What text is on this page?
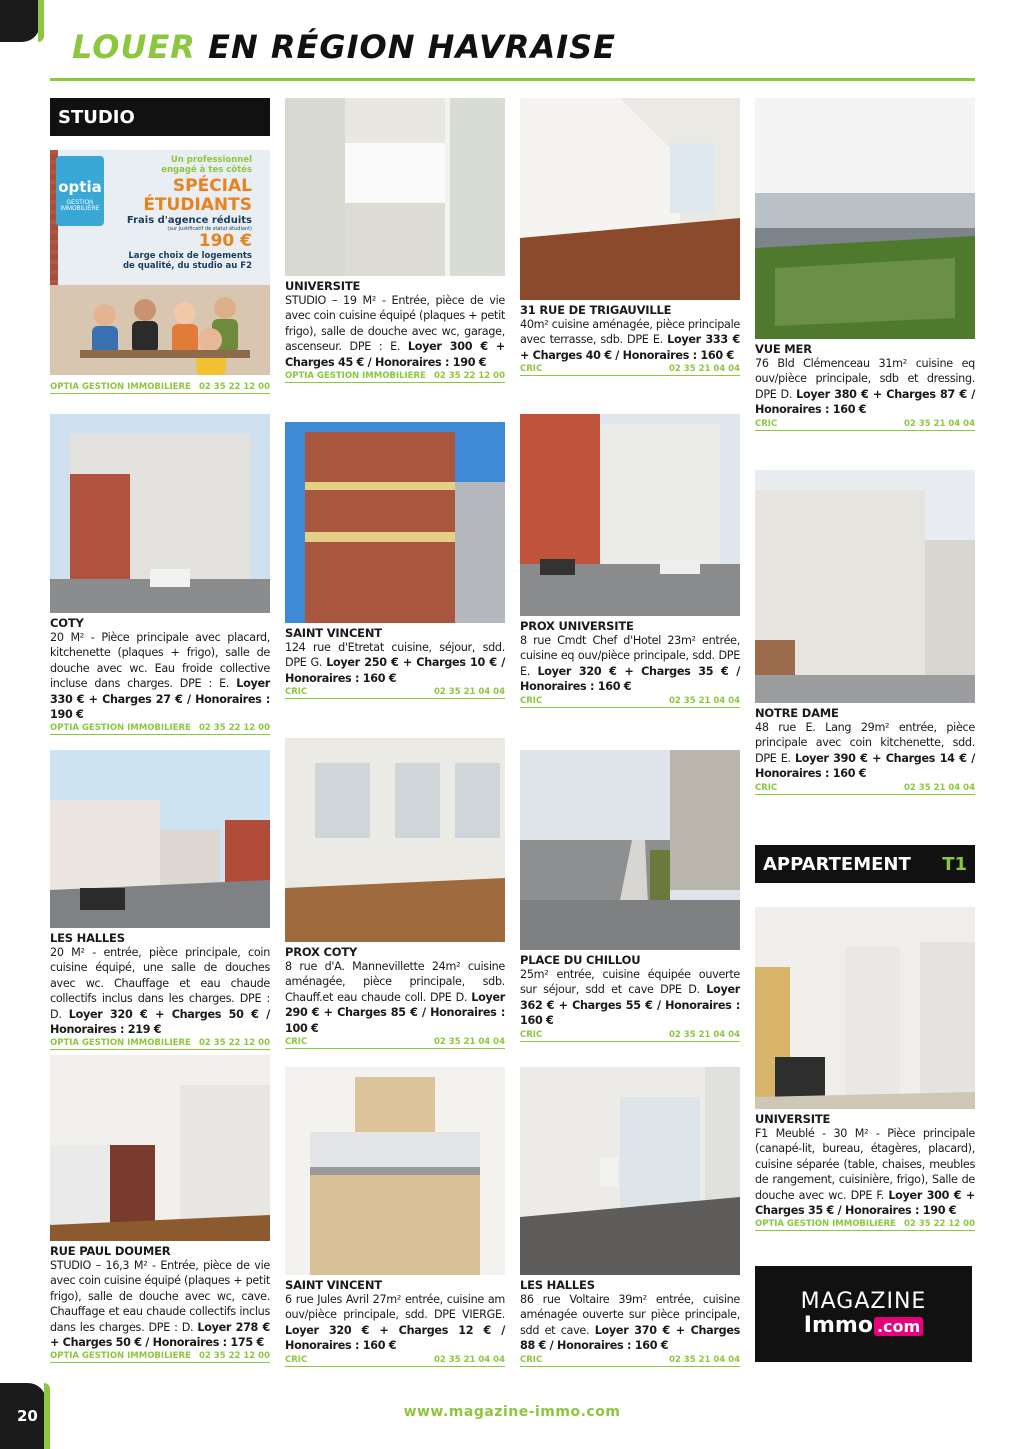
LOUER EN RÉGION HAVRAISE
STUDIO
optia
GESTION
IMMOBILIÈRE
Un professionnel
engagé à tes côtés
SPÉCIAL
ÉTUDIANTS
Frais d'agence réduits
(sur justificatif de statut étudiant)
190 €
Large choix de logements
de qualité, du studio au F2
OPTIA GESTION IMMOBILIERE 02 35 22 12 00
UNIVERSITE
STUDIO – 19 M² - Entrée, pièce de vie avec coin cuisine équipé (plaques + petit frigo), salle de douche avec wc, garage, ascenseur. DPE : E. Loyer 300 € + Charges 45 € / Honoraires : 190 €
OPTIA GESTION IMMOBILIERE 02 35 22 12 00
31 RUE DE TRIGAUVILLE
40m² cuisine aménagée, pièce principale avec terrasse, sdb. DPE E. Loyer 333 € + Charges 40 € / Honoraires : 160 €
CRIC	02 35 21 04 04
VUE MER
76 Bld Clémenceau 31m² cuisine eq ouv/pièce principale, sdb et dressing. DPE D. Loyer 380 € + Charges 87 € / Honoraires : 160 €
CRIC	02 35 21 04 04
COTY
20 M² - Pièce principale avec placard, kitchenette (plaques + frigo), salle de douche avec wc. Eau froide collective incluse dans charges. DPE : E. Loyer 330 € + Charges 27 € / Honoraires : 190 €
OPTIA GESTION IMMOBILIERE 02 35 22 12 00
SAINT VINCENT
124 rue d'Etretat cuisine, séjour, sdd. DPE G. Loyer 250 € + Charges 10 € / Honoraires : 160 €
CRIC	02 35 21 04 04
PROX UNIVERSITE
8 rue Cmdt Chef d'Hotel 23m² entrée, cuisine eq ouv/pièce principale, sdd. DPE E. Loyer 320 € + Charges 35 € / Honoraires : 160 €
CRIC	02 35 21 04 04
NOTRE DAME
48 rue E. Lang 29m² entrée, pièce principale avec coin kitchenette, sdd. DPE E. Loyer 390 € + Charges 14 € / Honoraires : 160 €
CRIC	02 35 21 04 04
LES HALLES
20 M² - entrée, pièce principale, coin cuisine équipé, une salle de douches avec wc. Chauffage et eau chaude collectifs inclus dans les charges. DPE : D. Loyer 320 € + Charges 50 € / Honoraires : 219 €
OPTIA GESTION IMMOBILIERE 02 35 22 12 00
PROX COTY
8 rue d'A. Mannevillette 24m² cuisine aménagée, pièce principale, sdb. Chauff.et eau chaude coll. DPE D. Loyer 290 € + Charges 85 € / Honoraires : 100 €
CRIC	02 35 21 04 04
PLACE DU CHILLOU
25m² entrée, cuisine équipée ouverte sur séjour, sdd et cave DPE D. Loyer 362 € + Charges 55 € / Honoraires : 160 €
CRIC	02 35 21 04 04
APPARTEMENT T1
UNIVERSITE
F1 Meublé - 30 M² - Pièce principale (canapé-lit, bureau, étagères, placard), cuisine séparée (table, chaises, meubles de rangement, cuisinière, frigo), Salle de douche avec wc. DPE F. Loyer 300 € + Charges 35 € / Honoraires : 190 €
OPTIA GESTION IMMOBILIERE 02 35 22 12 00
RUE PAUL DOUMER
STUDIO – 16,3 M² - Entrée, pièce de vie avec coin cuisine équipé (plaques + petit frigo), salle de douche avec wc, cave. Chauffage et eau chaude collectifs inclus dans les charges. DPE : D. Loyer 278 € + Charges 50 € / Honoraires : 175 €
OPTIA GESTION IMMOBILIERE 02 35 22 12 00
SAINT VINCENT
6 rue Jules Avril 27m² entrée, cuisine am ouv/pièce principale, sdd. DPE VIERGE. Loyer 320 € + Charges 12 € / Honoraires : 160 €
CRIC	02 35 21 04 04
LES HALLES
86 rue Voltaire 39m² entrée, cuisine aménagée ouverte sur pièce principale, sdd et cave. Loyer 370 € + Charges 88 € / Honoraires : 160 €
CRIC	02 35 21 04 04
MAGAZINE
Immo .com
20	www.magazine-immo.com
